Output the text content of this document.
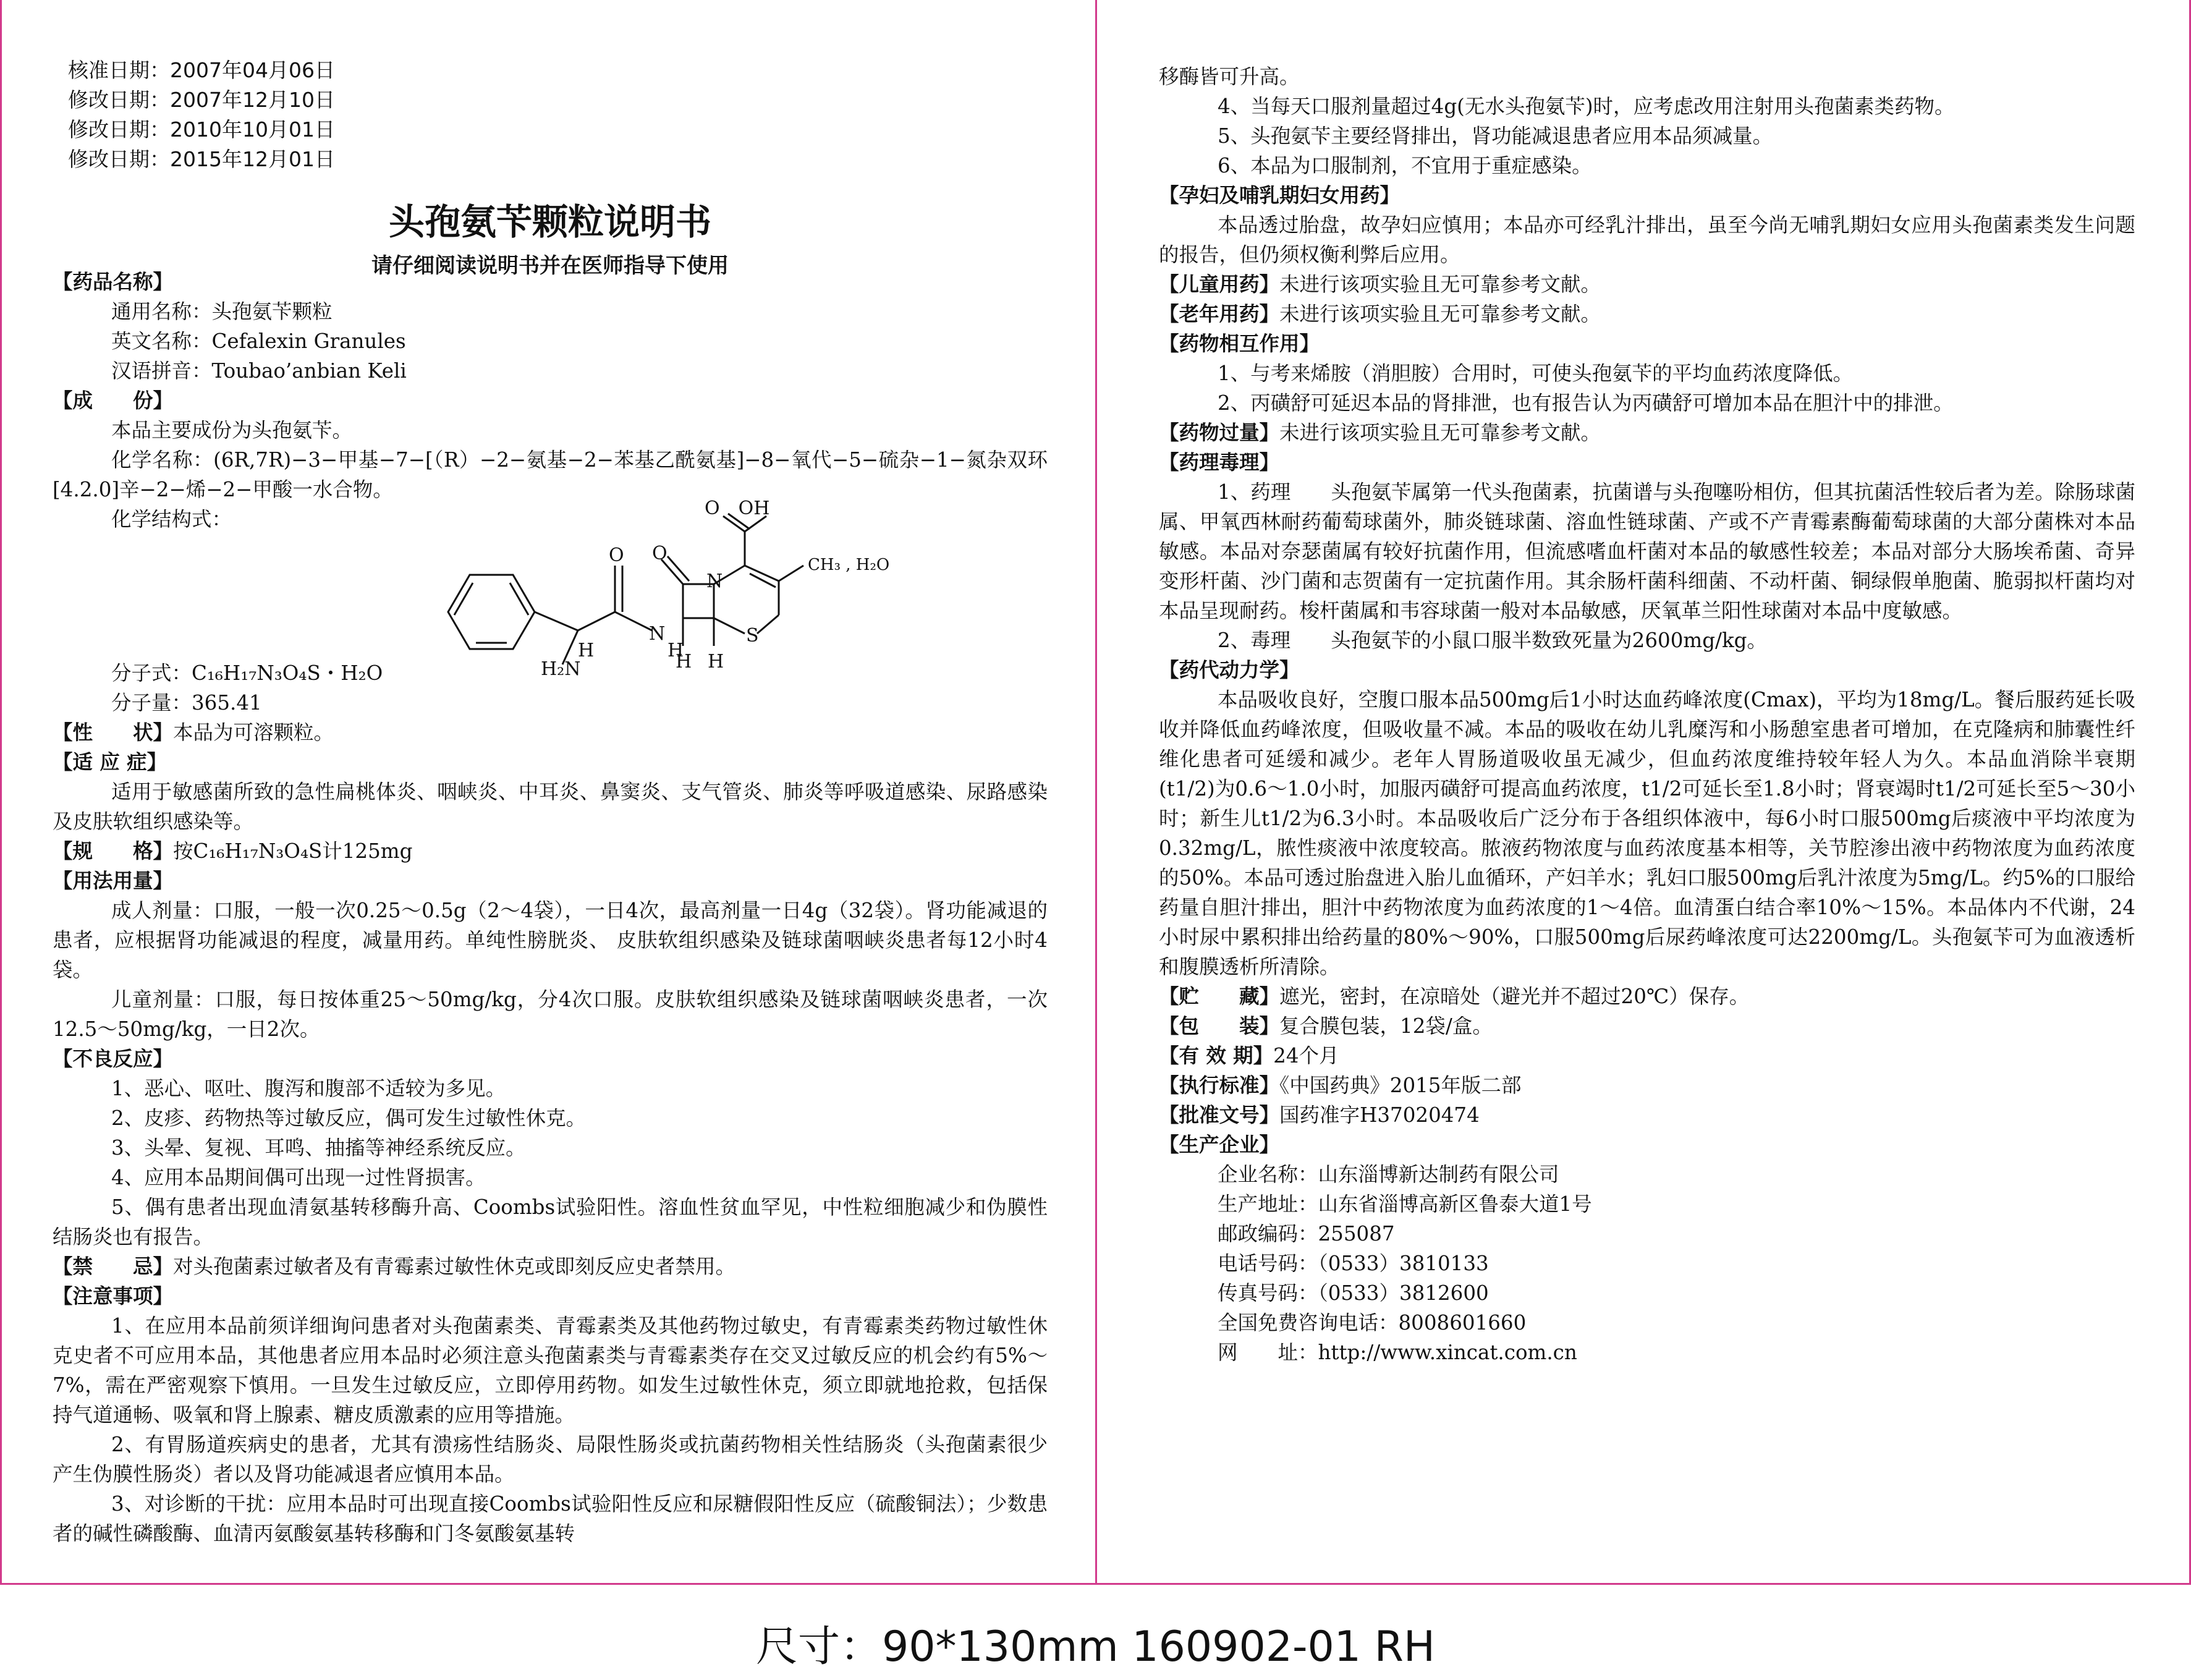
核准日期：2007年04月06日
修改日期：2007年12月10日
修改日期：2010年10月01日
修改日期：2015年12月01日
头孢氨苄颗粒说明书
请仔细阅读说明书并在医师指导下使用

【药品名称】

通用名称：头孢氨苄颗粒

英文名称：Cefalexin Granules

汉语拼音：Toubao’anbian Keli

【成　　份】

本品主要成份为头孢氨苄。

化学名称：(6R,7R)−3−甲基−7−[（R）−2−氨基−2−苯基乙酰氨基]−8−氧代−5−硫杂−1−氮杂双环[4.2.0]辛−2−烯−2−甲酸一水合物。

化学结构式：	O　OH
CH₃ , H₂O
O O
N
S
N
H
H H
H₂N
H

分子式：C₁₆H₁₇N₃O₄S・H₂O

分子量：365.41

【性　　状】本品为可溶颗粒。

【适 应 症】

适用于敏感菌所致的急性扁桃体炎、咽峡炎、中耳炎、鼻窦炎、支气管炎、肺炎等呼吸道感染、尿路感染及皮肤软组织感染等。

【规　　格】按C₁₆H₁₇N₃O₄S计125mg

【用法用量】

成人剂量：口服，一般一次0.25～0.5g（2～4袋），一日4次，最高剂量一日4g（32袋）。肾功能减退的患者，应根据肾功能减退的程度，减量用药。单纯性膀胱炎、 皮肤软组织感染及链球菌咽峡炎患者每12小时4袋。

儿童剂量：口服，每日按体重25～50mg/kg，分4次口服。皮肤软组织感染及链球菌咽峡炎患者，一次12.5～50mg/kg，一日2次。

【不良反应】

1、恶心、呕吐、腹泻和腹部不适较为多见。

2、皮疹、药物热等过敏反应，偶可发生过敏性休克。

3、头晕、复视、耳鸣、抽搐等神经系统反应。

4、应用本品期间偶可出现一过性肾损害。

5、偶有患者出现血清氨基转移酶升高、Coombs试验阳性。溶血性贫血罕见，中性粒细胞减少和伪膜性结肠炎也有报告。

【禁　　忌】对头孢菌素过敏者及有青霉素过敏性休克或即刻反应史者禁用。

【注意事项】

1、在应用本品前须详细询问患者对头孢菌素类、青霉素类及其他药物过敏史，有青霉素类药物过敏性休克史者不可应用本品，其他患者应用本品时必须注意头孢菌素类与青霉素类存在交叉过敏反应的机会约有5%～7%，需在严密观察下慎用。一旦发生过敏反应，立即停用药物。如发生过敏性休克，须立即就地抢救，包括保持气道通畅、吸氧和肾上腺素、糖皮质激素的应用等措施。

2、有胃肠道疾病史的患者，尤其有溃疡性结肠炎、局限性肠炎或抗菌药物相关性结肠炎（头孢菌素很少产生伪膜性肠炎）者以及肾功能减退者应慎用本品。

3、对诊断的干扰：应用本品时可出现直接Coombs试验阳性反应和尿糖假阳性反应（硫酸铜法）；少数患者的碱性磷酸酶、血清丙氨酸氨基转移酶和门冬氨酸氨基转

移酶皆可升高。

4、当每天口服剂量超过4g(无水头孢氨苄)时，应考虑改用注射用头孢菌素类药物。

5、头孢氨苄主要经肾排出，肾功能减退患者应用本品须减量。

6、本品为口服制剂，不宜用于重症感染。

【孕妇及哺乳期妇女用药】

本品透过胎盘，故孕妇应慎用；本品亦可经乳汁排出，虽至今尚无哺乳期妇女应用头孢菌素类发生问题的报告，但仍须权衡利弊后应用。

【儿童用药】未进行该项实验且无可靠参考文献。

【老年用药】未进行该项实验且无可靠参考文献。

【药物相互作用】

1、与考来烯胺（消胆胺）合用时，可使头孢氨苄的平均血药浓度降低。

2、丙磺舒可延迟本品的肾排泄，也有报告认为丙磺舒可增加本品在胆汁中的排泄。

【药物过量】未进行该项实验且无可靠参考文献。

【药理毒理】

1、药理　　头孢氨苄属第一代头孢菌素，抗菌谱与头孢噻吩相仿，但其抗菌活性较后者为差。除肠球菌属、甲氧西林耐药葡萄球菌外，肺炎链球菌、溶血性链球菌、产或不产青霉素酶葡萄球菌的大部分菌株对本品敏感。本品对奈瑟菌属有较好抗菌作用，但流感嗜血杆菌对本品的敏感性较差；本品对部分大肠埃希菌、奇异变形杆菌、沙门菌和志贺菌有一定抗菌作用。其余肠杆菌科细菌、不动杆菌、铜绿假单胞菌、脆弱拟杆菌均对本品呈现耐药。梭杆菌属和韦容球菌一般对本品敏感，厌氧革兰阳性球菌对本品中度敏感。

2、毒理　　头孢氨苄的小鼠口服半数致死量为2600mg/kg。

【药代动力学】

本品吸收良好，空腹口服本品500mg后1小时达血药峰浓度(Cmax)，平均为18mg/L。餐后服药延长吸收并降低血药峰浓度，但吸收量不减。本品的吸收在幼儿乳糜泻和小肠憩室患者可增加，在克隆病和肺囊性纤维化患者可延缓和减少。老年人胃肠道吸收虽无减少，但血药浓度维持较年轻人为久。本品血消除半衰期(t1/2)为0.6～1.0小时，加服丙磺舒可提高血药浓度，t1/2可延长至1.8小时；肾衰竭时t1/2可延长至5～30小时；新生儿t1/2为6.3小时。本品吸收后广泛分布于各组织体液中，每6小时口服500mg后痰液中平均浓度为0.32mg/L，脓性痰液中浓度较高。脓液药物浓度与血药浓度基本相等，关节腔渗出液中药物浓度为血药浓度的50%。本品可透过胎盘进入胎儿血循环，产妇羊水；乳妇口服500mg后乳汁浓度为5mg/L。约5%的口服给药量自胆汁排出，胆汁中药物浓度为血药浓度的1～4倍。血清蛋白结合率10%～15%。本品体内不代谢，24小时尿中累积排出给药量的80%～90%，口服500mg后尿药峰浓度可达2200mg/L。头孢氨苄可为血液透析和腹膜透析所清除。

【贮　　藏】遮光，密封，在凉暗处（避光并不超过20℃）保存。

【包　　装】复合膜包装，12袋/盒。

【有 效 期】24个月

【执行标准】《中国药典》2015年版二部

【批准文号】国药准字H37020474

【生产企业】

企业名称：山东淄博新达制药有限公司

生产地址：山东省淄博高新区鲁泰大道1号

邮政编码：255087

电话号码：（0533）3810133

传真号码：（0533）3812600

全国免费咨询电话：8008601660

网　　址：http://www.xincat.com.cn

尺寸：90*130mm 160902-01 RH
